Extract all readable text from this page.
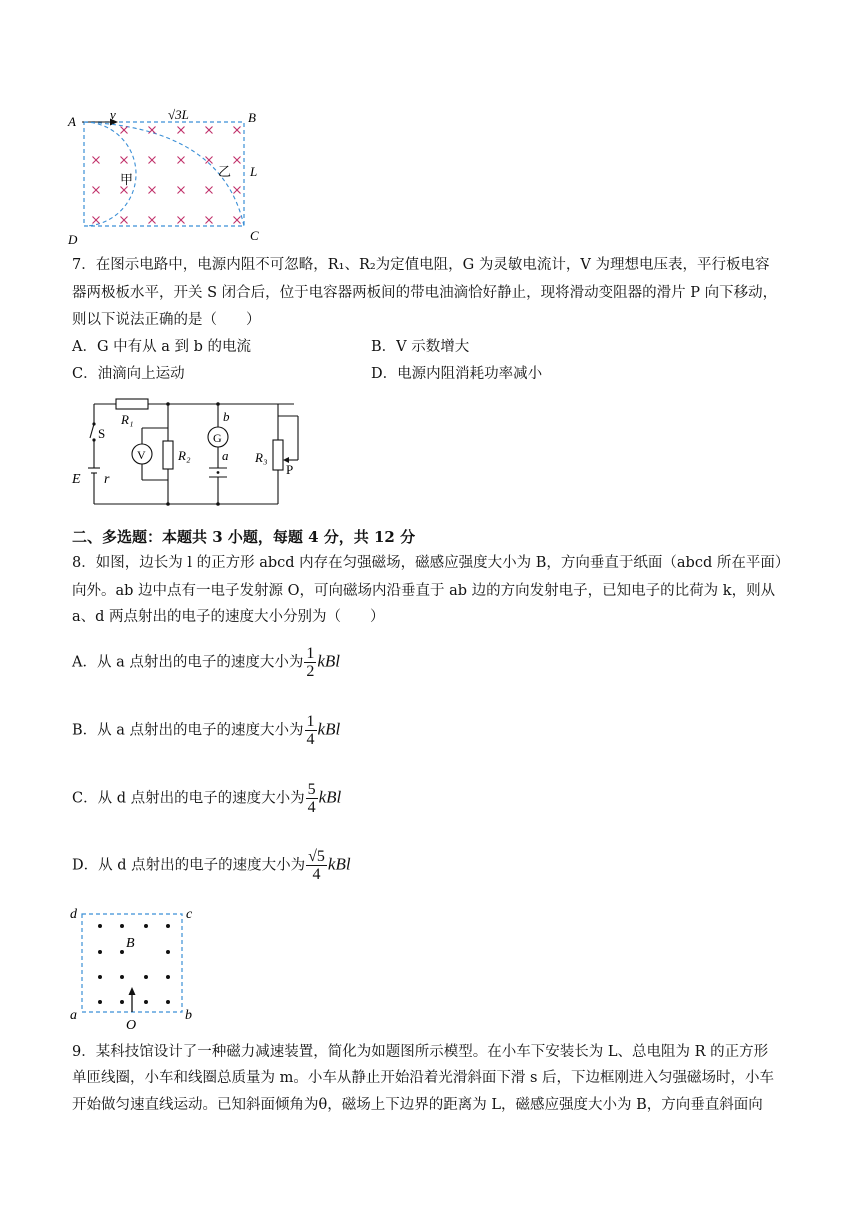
A	v	√3L	B
L
C
D
甲
乙
7．在图示电路中，电源内阻不可忽略，R₁、R₂为定值电阻，G 为灵敏电流计，V 为理想电压表，平行板电容
器两极板水平，开关 S 闭合后，位于电容器两板间的带电油滴恰好静止，现将滑动变阻器的滑片 P 向下移动，
则以下说法正确的是（　　）
A．G 中有从 a 到 b 的电流	B．V 示数增大
C．油滴向上运动	D．电源内阻消耗功率减小
R₁
R₂	R₃
S
E r
V
G
a
b
P
二、多选题：本题共 3 小题，每题 4 分，共 12 分
8．如图，边长为 l 的正方形 abcd 内存在匀强磁场，磁感应强度大小为 B，方向垂直于纸面（abcd 所在平面）
向外。ab 边中点有一电子发射源 O，可向磁场内沿垂直于 ab 边的方向发射电子，已知电子的比荷为 k，则从
a、d 两点射出的电子的速度大小分别为（　　）
A．从 a 点射出的电子的速度大小为 $\frac{1}{2}$ kBl
B．从 a 点射出的电子的速度大小为 $\frac{1}{4}$ kBl
C．从 d 点射出的电子的速度大小为 $\frac{5}{4}$ kBl
D．从 d 点射出的电子的速度大小为 $\frac{√5}{4}$ kBl
d	c
a	b
B
O
9．某科技馆设计了一种磁力减速装置，简化为如题图所示模型。在小车下安装长为 L、总电阻为 R 的正方形
单匝线圈，小车和线圈总质量为 m。小车从静止开始沿着光滑斜面下滑 s 后，下边框刚进入匀强磁场时，小车
开始做匀速直线运动。已知斜面倾角为θ，磁场上下边界的距离为 L，磁感应强度大小为 B，方向垂直斜面向
